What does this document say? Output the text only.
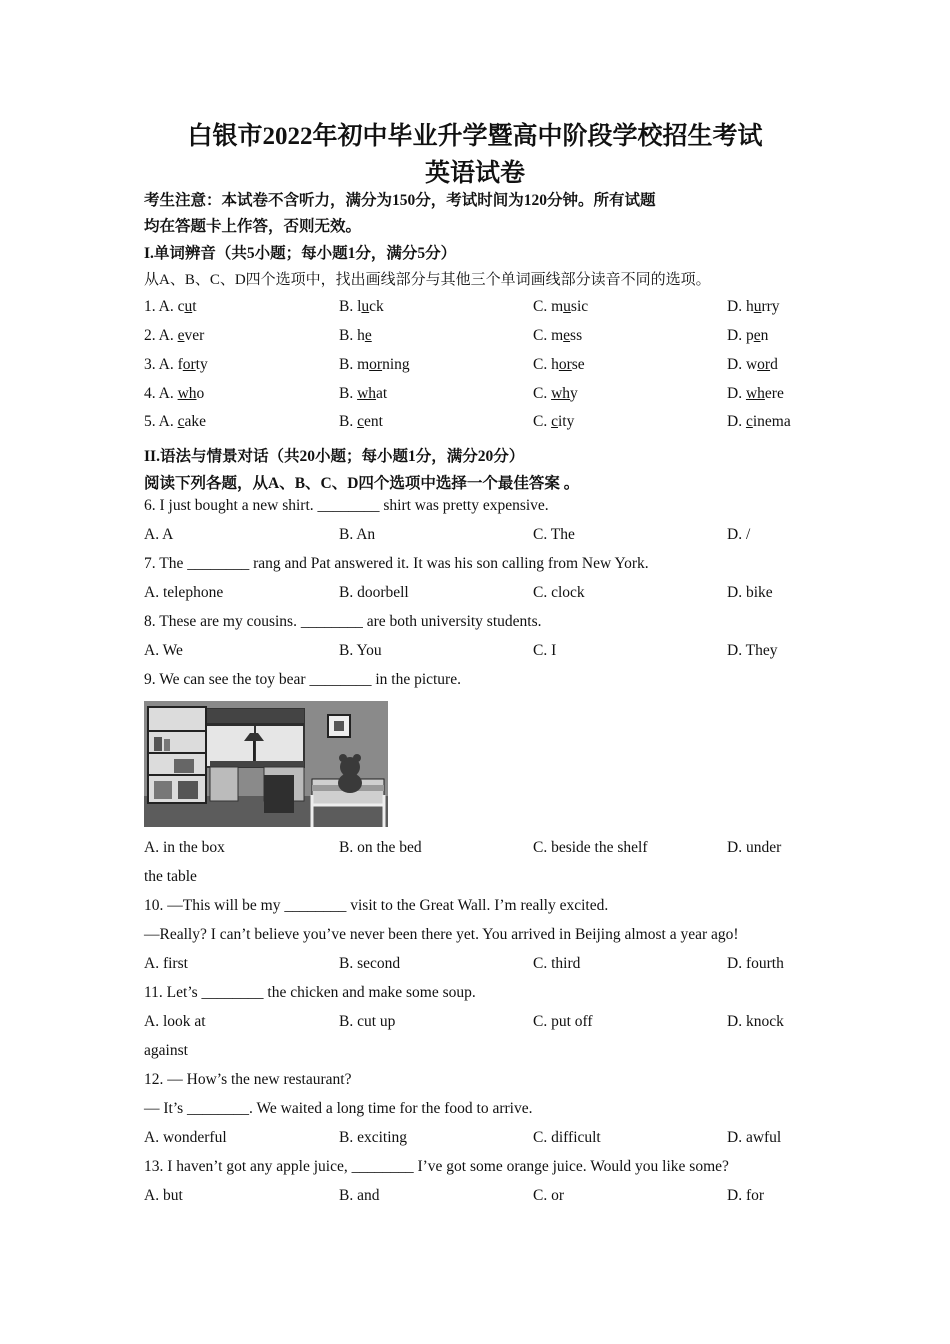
白银市2022年初中毕业升学暨高中阶段学校招生考试
英语试卷
考生注意：本试卷不含听力，满分为150分，考试时间为120分钟。所有试题
均在答题卡上作答，否则无效。
I.单词辨音（共5小题；每小题1分，满分5分）
从A、B、C、D四个选项中，找出画线部分与其他三个单词画线部分读音不同的选项。
1. A. cut	B. luck	C. music	D. hurry
2. A. ever	B. he	C. mess	D. pen
3. A. forty	B. morning	C. horse	D. word
4. A. who	B. what	C. why	D. where
5. A. cake	B. cent	C. city	D. cinema
II.语法与情景对话（共20小题；每小题1分，满分20分）
阅读下列各题，从A、B、C、D四个选项中选择一个最佳答案 。
6. I just bought a new shirt. ________ shirt was pretty expensive.
A. A	B. An	C. The	D. /
7. The ________ rang and Pat answered it. It was his son calling from New York.
A. telephone	B. doorbell	C. clock	D. bike
8. These are my cousins. ________ are both university students.
A. We	B. You	C. I	D. They
9. We can see the toy bear ________ in the picture.
A. in the box	B. on the bed	C. beside the shelf	D. under
the table
10. —This will be my ________ visit to the Great Wall. I’m really excited.
—Really? I can’t believe you’ve never been there yet. You arrived in Beijing almost a year ago!
A. first	B. second	C. third	D. fourth
11. Let’s ________ the chicken and make some soup.
A. look at	B. cut up	C. put off	D. knock
against
12. — How’s the new restaurant?
— It’s ________. We waited a long time for the food to arrive.
A. wonderful	B. exciting	C. difficult	D. awful
13. I haven’t got any apple juice, ________ I’ve got some orange juice. Would you like some?
A. but	B. and	C. or	D. for
